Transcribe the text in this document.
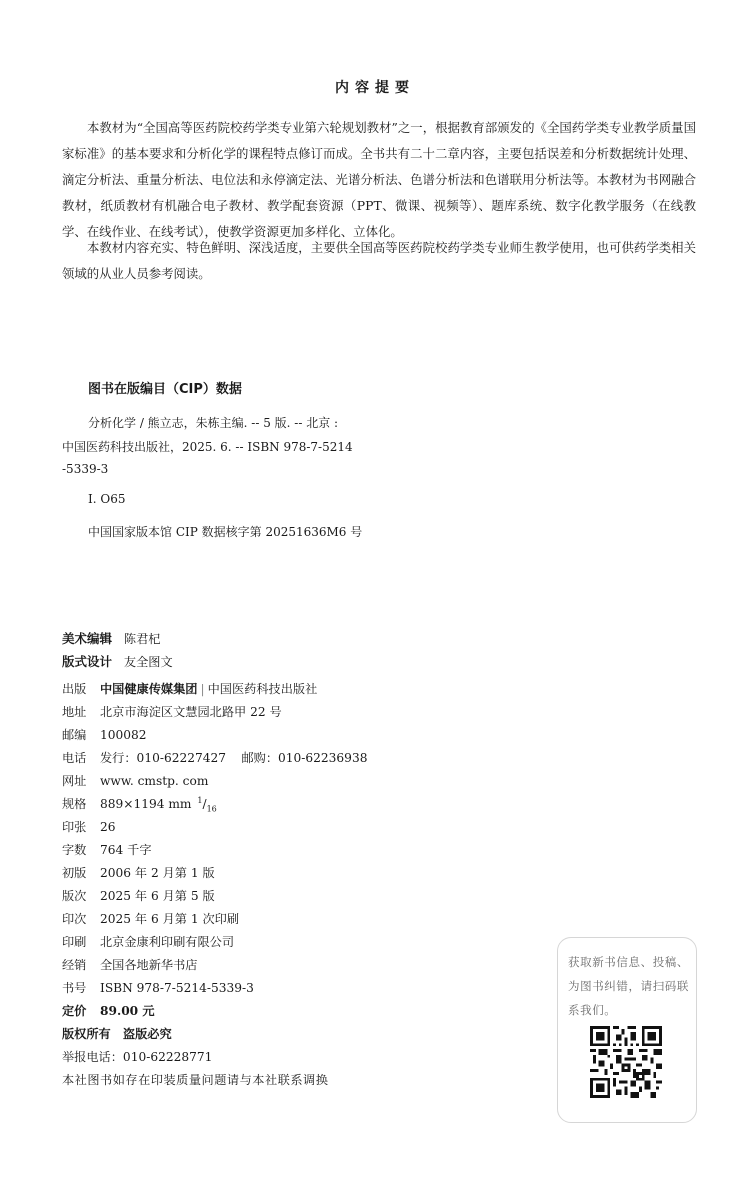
内容提要

本教材为“全国高等医药院校药学类专业第六轮规划教材”之一，根据教育部颁发的《全国药学类专业教学质量国家标准》的基本要求和分析化学的课程特点修订而成。全书共有二十二章内容，主要包括误差和分析数据统计处理、滴定分析法、重量分析法、电位法和永停滴定法、光谱分析法、色谱分析法和色谱联用分析法等。本教材为书网融合教材，纸质教材有机融合电子教材、教学配套资源（PPT、微课、视频等）、题库系统、数字化教学服务（在线教学、在线作业、在线考试），使教学资源更加多样化、立体化。

本教材内容充实、特色鲜明、深浅适度，主要供全国高等医药院校药学类专业师生教学使用，也可供药学类相关领域的从业人员参考阅读。

图书在版编目（CIP）数据
分析化学 / 熊立志，朱栋主编. -- 5 版. -- 北京 :
中国医药科技出版社，2025. 6. -- ISBN 978-7-5214
-5339-3
Ⅰ. O65
中国国家版本馆 CIP 数据核字第 20251636M6 号
美术编辑 陈君杞
版式设计 友全图文
出版 中国健康传媒集团 | 中国医药科技出版社
地址 北京市海淀区文慧园北路甲 22 号
邮编 100082
电话 发行：010-62227427    邮购：010-62236938
网址 www. cmstp. com
规格 889×1194 mm $^1/_{16}$
印张 26
字数 764 千字
初版 2006 年 2 月第 1 版
版次 2025 年 6 月第 5 版
印次 2025 年 6 月第 1 次印刷
印刷 北京金康利印刷有限公司
经销 全国各地新华书店
书号 ISBN 978-7-5214-5339-3
定价 89.00 元
版权所有　盗版必究
举报电话：010-62228771
本社图书如存在印装质量问题请与本社联系调换

获取新书信息、投稿、为图书纠错，请扫码联系我们。
